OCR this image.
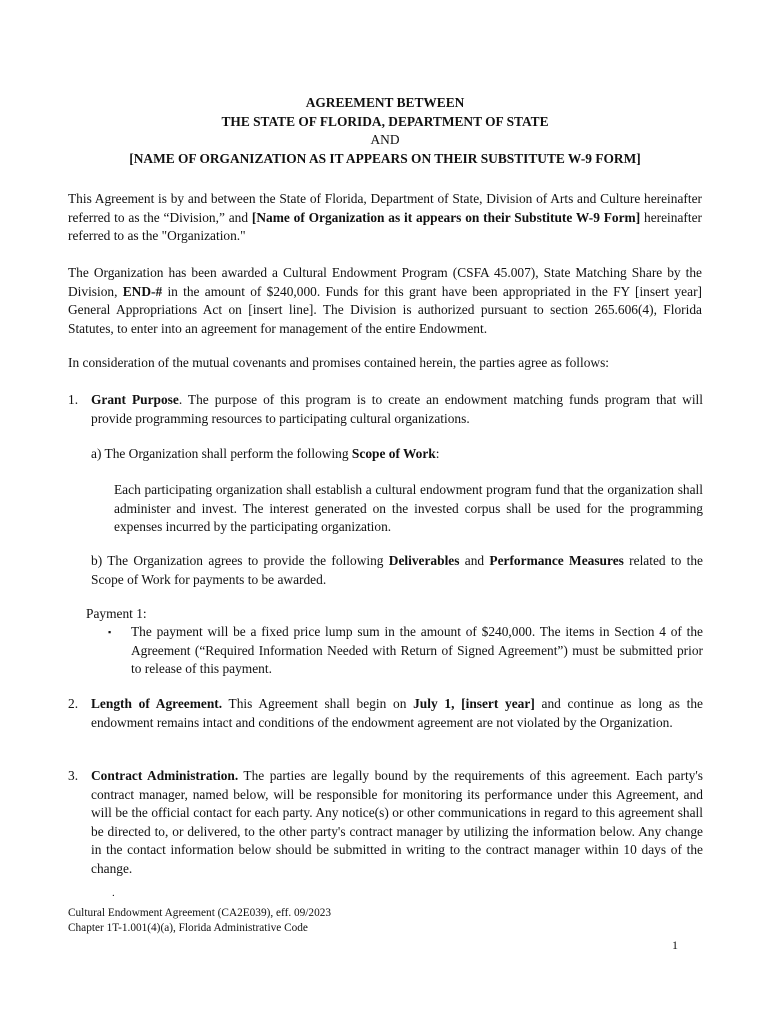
AGREEMENT BETWEEN
THE STATE OF FLORIDA, DEPARTMENT OF STATE
AND
[NAME OF ORGANIZATION AS IT APPEARS ON THEIR SUBSTITUTE W-9 FORM]
This Agreement is by and between the State of Florida, Department of State, Division of Arts and Culture hereinafter referred to as the “Division,” and [Name of Organization as it appears on their Substitute W-9 Form] hereinafter referred to as the "Organization."
The Organization has been awarded a Cultural Endowment Program (CSFA 45.007), State Matching Share by the Division, END-# in the amount of $240,000. Funds for this grant have been appropriated in the FY [insert year] General Appropriations Act on [insert line]. The Division is authorized pursuant to section 265.606(4), Florida Statutes, to enter into an agreement for management of the entire Endowment.
In consideration of the mutual covenants and promises contained herein, the parties agree as follows:
1. Grant Purpose. The purpose of this program is to create an endowment matching funds program that will provide programming resources to participating cultural organizations.
a) The Organization shall perform the following Scope of Work:
Each participating organization shall establish a cultural endowment program fund that the organization shall administer and invest. The interest generated on the invested corpus shall be used for the programming expenses incurred by the participating organization.
b) The Organization agrees to provide the following Deliverables and Performance Measures related to the Scope of Work for payments to be awarded.
Payment 1:
▪ The payment will be a fixed price lump sum in the amount of $240,000. The items in Section 4 of the Agreement (“Required Information Needed with Return of Signed Agreement”) must be submitted prior to release of this payment.
2. Length of Agreement. This Agreement shall begin on July 1, [insert year] and continue as long as the endowment remains intact and conditions of the endowment agreement are not violated by the Organization.
3. Contract Administration. The parties are legally bound by the requirements of this agreement. Each party's contract manager, named below, will be responsible for monitoring its performance under this Agreement, and will be the official contact for each party. Any notice(s) or other communications in regard to this agreement shall be directed to, or delivered, to the other party's contract manager by utilizing the information below. Any change in the contact information below should be submitted in writing to the contract manager within 10 days of the change.
.
Cultural Endowment Agreement (CA2E039), eff. 09/2023
Chapter 1T-1.001(4)(a), Florida Administrative Code
1
